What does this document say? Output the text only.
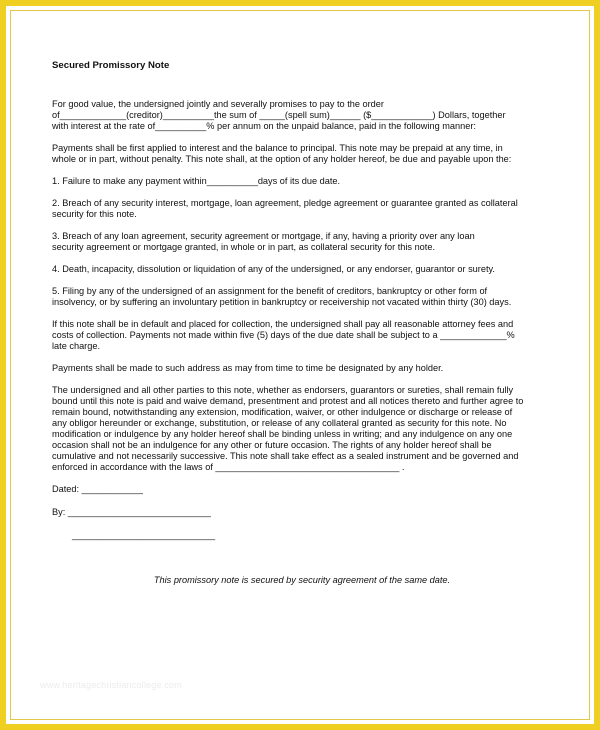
Secured Promissory Note
For good value, the undersigned jointly and severally promises to pay to the order
of_____________(creditor)__________the sum of _____(spell sum)______ ($____________) Dollars, together
with interest at the rate of__________% per annum on the unpaid balance, paid in the following manner:
Payments shall be first applied to interest and the balance to principal. This note may be prepaid at any time, in
whole or in part, without penalty. This note shall, at the option of any holder hereof, be due and payable upon the:
1. Failure to make any payment within__________days of its due date.
2. Breach of any security interest, mortgage, loan agreement, pledge agreement or guarantee granted as collateral
security for this note.
3. Breach of any loan agreement, security agreement or mortgage, if any, having a priority over any loan
security agreement or mortgage granted, in whole or in part, as collateral security for this note.
4. Death, incapacity, dissolution or liquidation of any of the undersigned, or any endorser, guarantor or surety.
5. Filing by any of the undersigned of an assignment for the benefit of creditors, bankruptcy or other form of
insolvency, or by suffering an involuntary petition in bankruptcy or receivership not vacated within thirty (30) days.
If this note shall be in default and placed for collection, the undersigned shall pay all reasonable attorney fees and
costs of collection. Payments not made within five (5) days of the due date shall be subject to a _____________%
late charge.
Payments shall be made to such address as may from time to time be designated by any holder.
The undersigned and all other parties to this note, whether as endorsers, guarantors or sureties, shall remain fully
bound until this note is paid and waive demand, presentment and protest and all notices thereto and further agree to
remain bound, notwithstanding any extension, modification, waiver, or other indulgence or discharge or release of
any obligor hereunder or exchange, substitution, or release of any collateral granted as security for this note. No
modification or indulgence by any holder hereof shall be binding unless in writing; and any indulgence on any one
occasion shall not be an indulgence for any other or future occasion. The rights of any holder hereof shall be
cumulative and not necessarily successive. This note shall take effect as a sealed instrument and be governed and
enforced in accordance with the laws of ____________________________________ .
Dated: ____________
By: ____________________________
____________________________
This promissory note is secured by security agreement of the same date.
www.heritagechristiancollege.com
